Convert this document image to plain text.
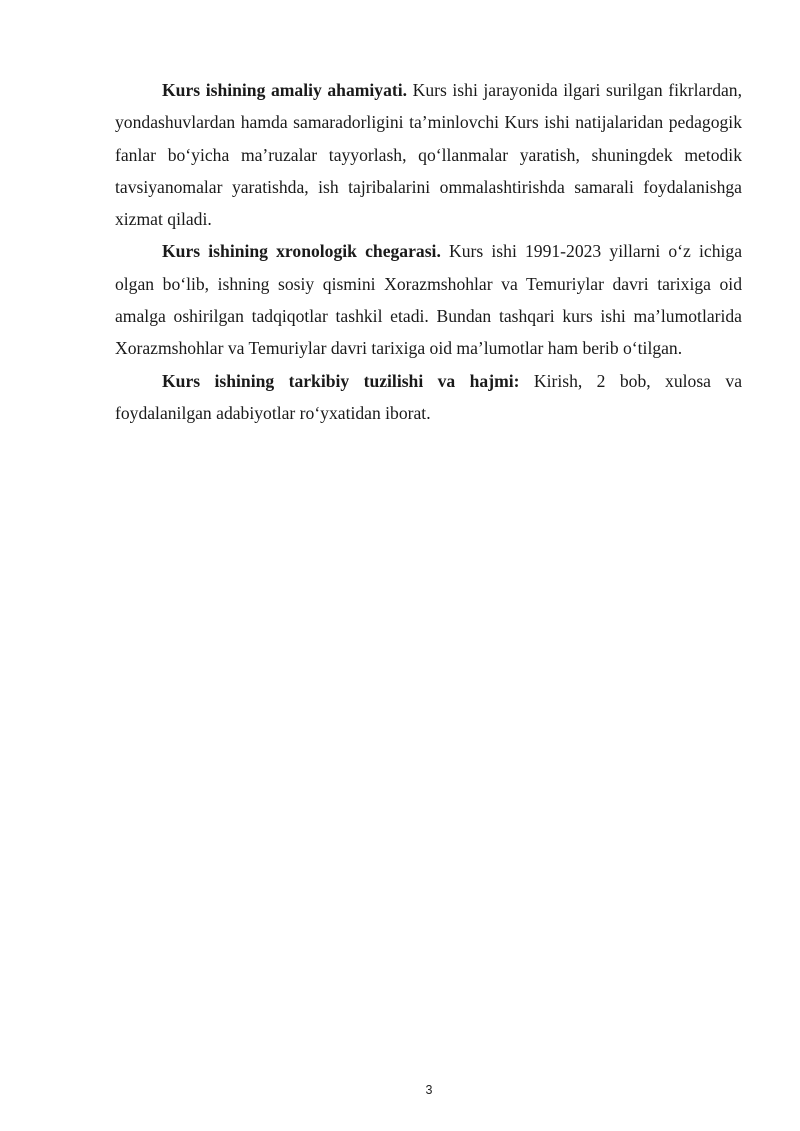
Kurs ishining amaliy ahamiyati. Kurs ishi jarayonida ilgari surilgan fikrlardan, yondashuvlardan hamda samaradorligini ta’minlovchi Kurs ishi natijalaridan pedagogik fanlar bo‘yicha ma’ruzalar tayyorlash, qo‘llanmalar yaratish, shuningdek metodik tavsiyanomalar yaratishda, ish tajribalarini ommalashtirishda samarali foydalanishga xizmat qiladi.

Kurs ishining xronologik chegarasi. Kurs ishi 1991-2023 yillarni o‘z ichiga olgan bo‘lib, ishning sosiy qismini Xorazmshohlar va Temuriylar davri tarixiga oid amalga oshirilgan tadqiqotlar tashkil etadi. Bundan tashqari kurs ishi ma’lumotlarida Xorazmshohlar va Temuriylar davri tarixiga oid ma’lumotlar ham berib o‘tilgan.

Kurs ishining tarkibiy tuzilishi va hajmi: Kirish, 2 bob, xulosa va foydalanilgan adabiyotlar ro‘yxatidan iborat.

3
